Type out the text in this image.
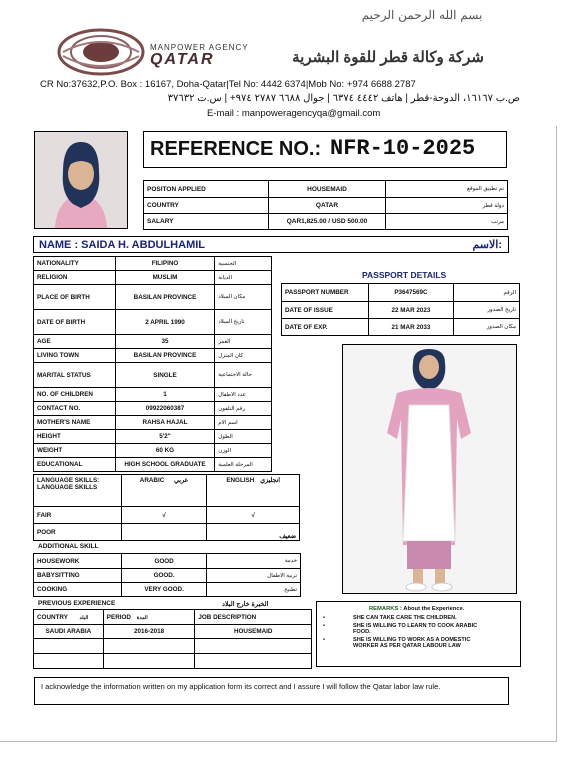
بسم الله الرحمن الرحيم
MANPOWER AGENCY
QATAR	شركة وكالة قطر للقوة البشرية
CR No:37632,P.O. Box : 16167, Doha-Qatar|Tel No: 4442 6374|Mob No: +974 6688 2787
ص.ب ١٦١٦٧، الدوحة-قطر | هاتف ٤٤٤٢ ٦٣٧٤ | جوال ٦٦٨٨ ٢٧٨٧ ٩٧٤+ | س.ت ٣٧٦٣٢
E-mail : manpoweragencyqa@gmail.com
REFERENCE NO.: NFR-10-2025
POSITON APPLIED	HOUSEMAID	تم تطبيق الموقع
COUNTRY	QATAR	دولة قطر
SALARY	QAR1,825.00 / USD 500.00	مرتب
NAME : SAIDA H. ABDULHAMIL	الاسم:
NATIONALITY	FILIPINO	الجنسية
RELIGION	MUSLIM	الديانة
PLACE OF BIRTH	BASILAN PROVINCE	مكان الميلاد
DATE OF BIRTH	2 APRIL 1990	تاريخ الميلاد
AGE	35	العمر
LIVING TOWN	BASILAN PROVINCE	كان المنزل
MARITAL STATUS	SINGLE	حالة الاجتماعية
NO. OF CHILDREN	1	عدد الاطفال
CONTACT NO.	09922060387	رقم التلفون
MOTHER'S NAME	RAHSA HAJAL	اسم الام
HEIGHT	5'2"	الطول
WEIGHT	60 KG	الوزن
EDUCATIONAL	HIGH SCHOOL GRADUATE	المرحلة العلمية
PASSPORT DETAILS
PASSPORT NUMBER	P3647569C	الرقم
DATE OF ISSUE	22 MAR 2023	تاريخ الصدور
DATE OF EXP.	21 MAR 2033	مكان الصدور
LANGUAGE SKILLS:
LANGUAGE SKILLS	ARABIC عربي	ENGLISH انجليزي
FAIR	√	√
POOR		ضعيف
ADDITIONAL SKILL
HOUSEWORK	GOOD	خدمة
BABYSITTING	GOOD.	تربية الاطفال
COOKING	VERY GOOD.	تطبيخ
PREVIOUS EXPERIENCE	الخبرة خارج البلاد
COUNTRY البلد	PERIOD المدة	JOB DESCRIPTION
SAUDI ARABIA	2016-2018	HOUSEMAID

REMARKS : About the Experience.
•	SHE CAN TAKE CARE THE CHILDREN.
•	SHE IS WILLING TO LEARN TO COOK ARABIC FOOD.
•	SHE IS WILLING TO WORK AS A DOMESTIC WORKER AS PER QATAR LABOUR LAW
I acknowledge the information written on my application form its correct and I assure I will follow the Qatar labor law rule.
